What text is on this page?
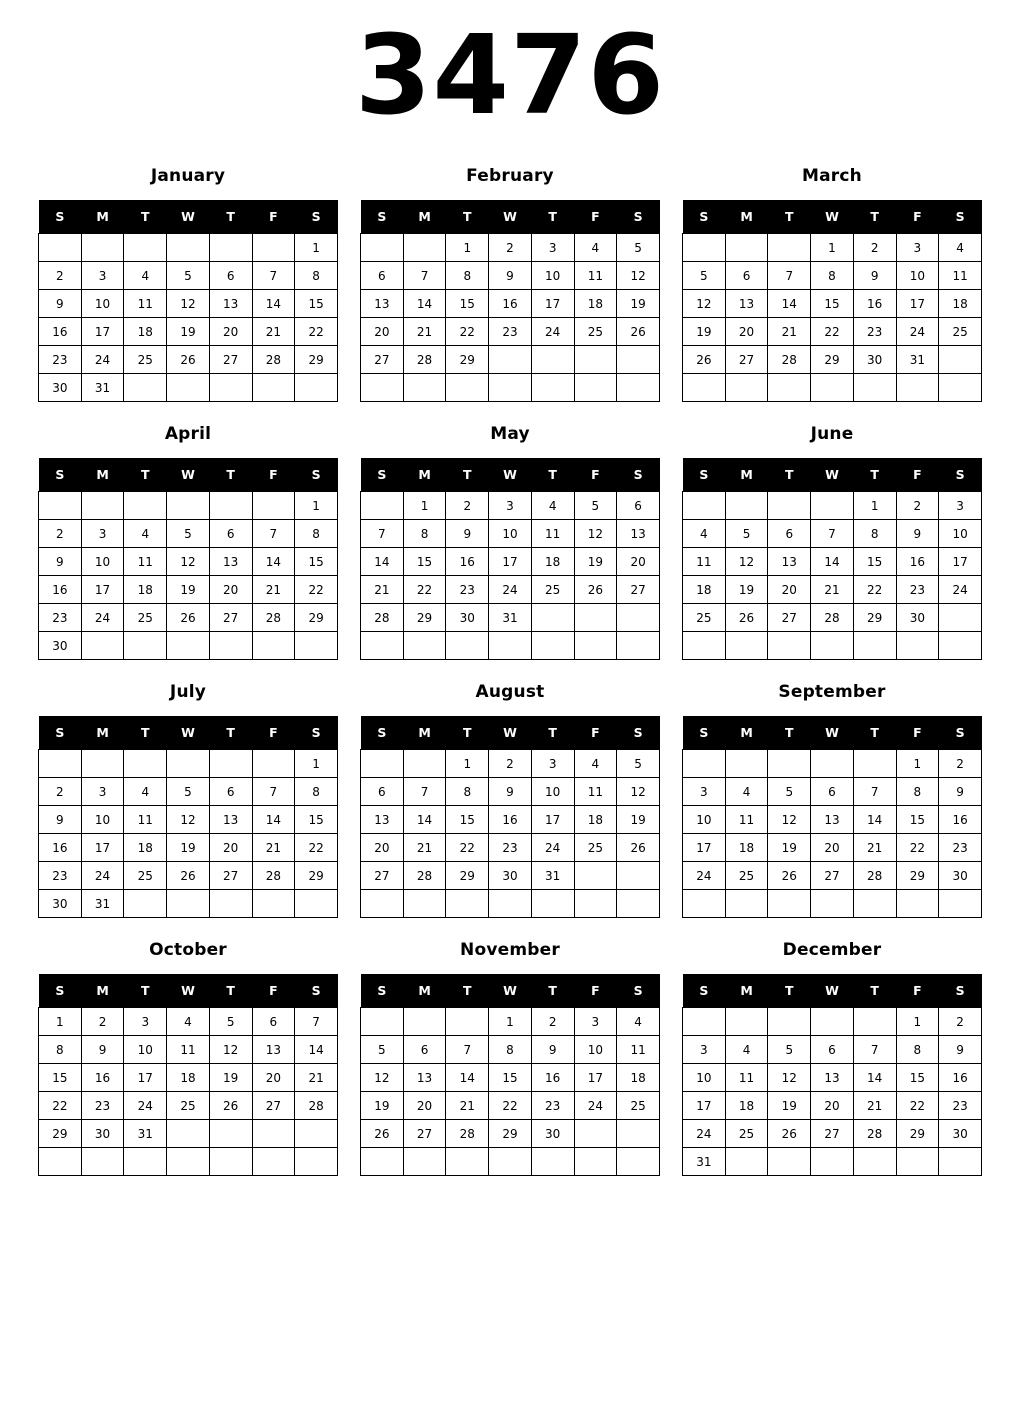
3476
January
S	M	T	W	T	F	S
						1
2	3	4	5	6	7	8
9	10	11	12	13	14	15
16	17	18	19	20	21	22
23	24	25	26	27	28	29
30	31					
February
S	M	T	W	T	F	S
		1	2	3	4	5
6	7	8	9	10	11	12
13	14	15	16	17	18	19
20	21	22	23	24	25	26
27	28	29				

March
S	M	T	W	T	F	S
			1	2	3	4
5	6	7	8	9	10	11
12	13	14	15	16	17	18
19	20	21	22	23	24	25
26	27	28	29	30	31	

April
S	M	T	W	T	F	S
						1
2	3	4	5	6	7	8
9	10	11	12	13	14	15
16	17	18	19	20	21	22
23	24	25	26	27	28	29
30						
May
S	M	T	W	T	F	S
	1	2	3	4	5	6
7	8	9	10	11	12	13
14	15	16	17	18	19	20
21	22	23	24	25	26	27
28	29	30	31			

June
S	M	T	W	T	F	S
				1	2	3
4	5	6	7	8	9	10
11	12	13	14	15	16	17
18	19	20	21	22	23	24
25	26	27	28	29	30	

July
S	M	T	W	T	F	S
						1
2	3	4	5	6	7	8
9	10	11	12	13	14	15
16	17	18	19	20	21	22
23	24	25	26	27	28	29
30	31					
August
S	M	T	W	T	F	S
		1	2	3	4	5
6	7	8	9	10	11	12
13	14	15	16	17	18	19
20	21	22	23	24	25	26
27	28	29	30	31		

September
S	M	T	W	T	F	S
					1	2
3	4	5	6	7	8	9
10	11	12	13	14	15	16
17	18	19	20	21	22	23
24	25	26	27	28	29	30

October
S	M	T	W	T	F	S
1	2	3	4	5	6	7
8	9	10	11	12	13	14
15	16	17	18	19	20	21
22	23	24	25	26	27	28
29	30	31				

November
S	M	T	W	T	F	S
			1	2	3	4
5	6	7	8	9	10	11
12	13	14	15	16	17	18
19	20	21	22	23	24	25
26	27	28	29	30		

December
S	M	T	W	T	F	S
					1	2
3	4	5	6	7	8	9
10	11	12	13	14	15	16
17	18	19	20	21	22	23
24	25	26	27	28	29	30
31						
